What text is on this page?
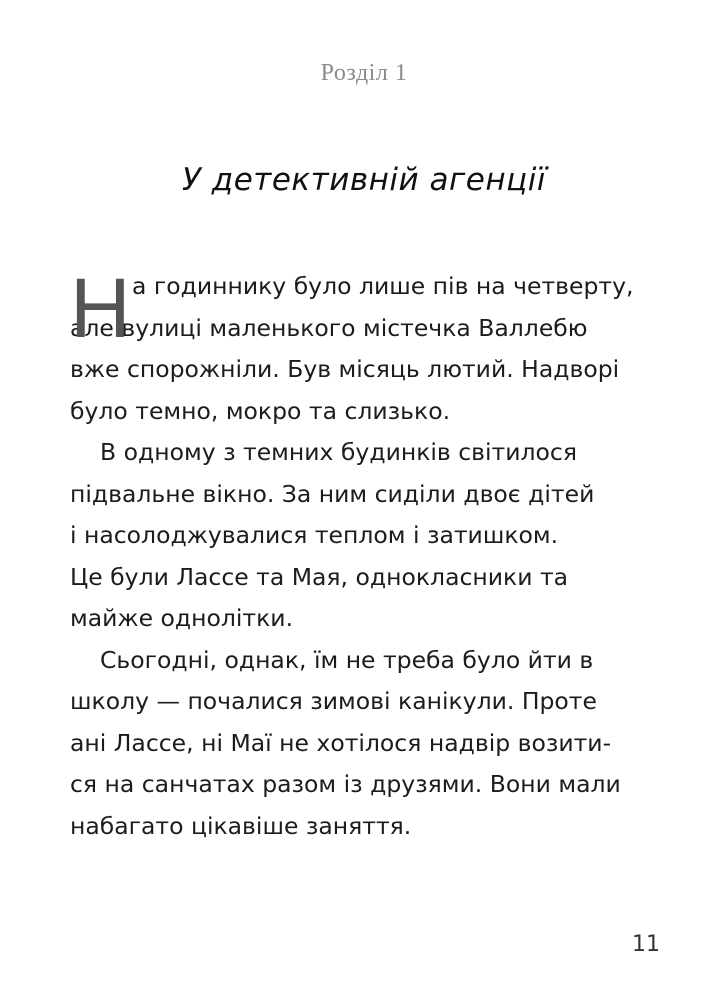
Розділ 1
У детективній агенції
Н а годиннику було лише пів на четверту,
але вулиці маленького містечка Валлебю
вже спорожніли. Був місяць лютий. Надворі
було темно, мокро та слизько.
В одному з темних будинків світилося
підвальне вікно. За ним сиділи двоє дітей
і насолоджувалися теплом і затишком.
Це були Лассе та Мая, однокласники та
майже однолітки.
Сьогодні, однак, їм не треба було йти в
школу — почалися зимові канікули. Проте
ані Лассе, ні Маї не хотілося надвір возити-
ся на санчатах разом із друзями. Вони мали
набагато цікавіше заняття.
11
